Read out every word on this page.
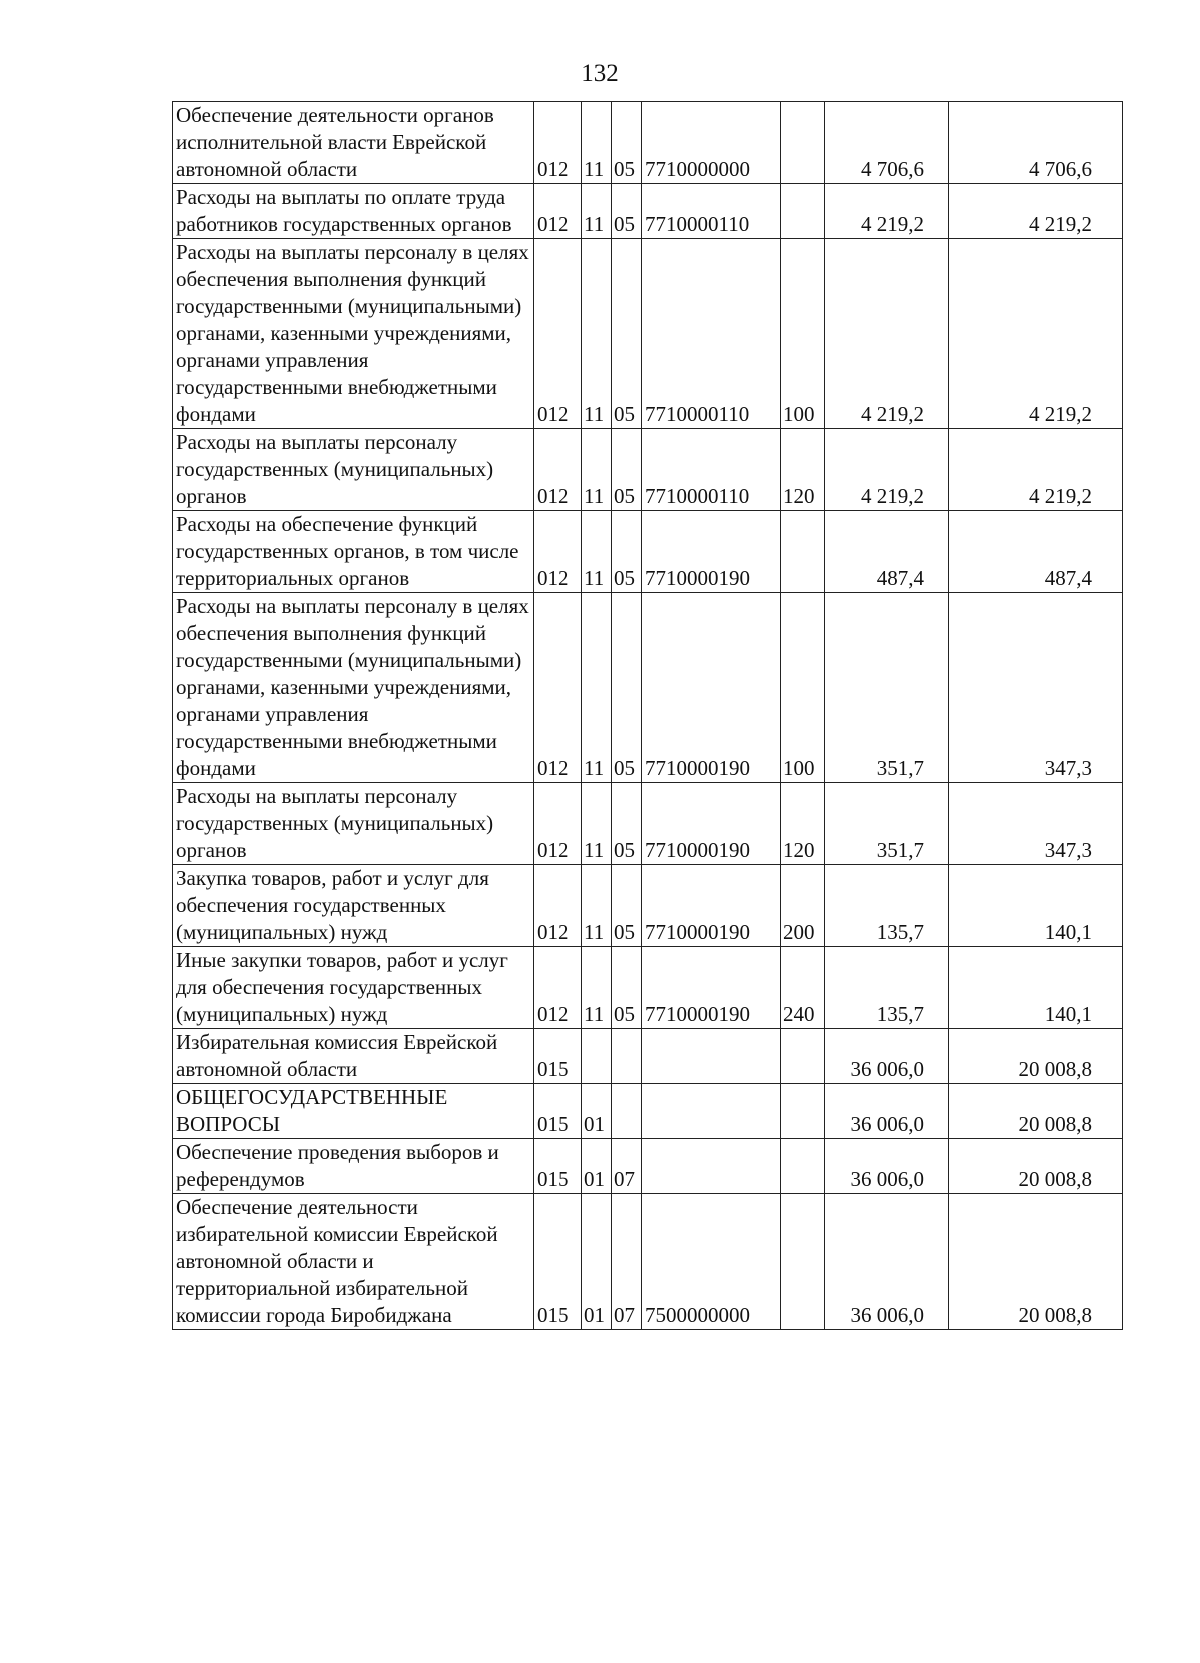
132
Обеспечение деятельности органов исполнительной власти Еврейской автономной области	012	11	05	7710000000		4 706,6	4 706,6
Расходы на выплаты по оплате труда работников государственных органов	012	11	05	7710000110		4 219,2	4 219,2
Расходы на выплаты персоналу в целях обеспечения выполнения функций государственными (муниципальными) органами, казенными учреждениями, органами управления государственными внебюджетными фондами	012	11	05	7710000110	100	4 219,2	4 219,2
Расходы на выплаты персоналу государственных (муниципальных) органов	012	11	05	7710000110	120	4 219,2	4 219,2
Расходы на обеспечение функций государственных органов, в том числе территориальных органов	012	11	05	7710000190		487,4	487,4
Расходы на выплаты персоналу в целях обеспечения выполнения функций государственными (муниципальными) органами, казенными учреждениями, органами управления государственными внебюджетными фондами	012	11	05	7710000190	100	351,7	347,3
Расходы на выплаты персоналу государственных (муниципальных) органов	012	11	05	7710000190	120	351,7	347,3
Закупка товаров, работ и услуг для обеспечения государственных (муниципальных) нужд	012	11	05	7710000190	200	135,7	140,1
Иные закупки товаров, работ и услуг для обеспечения государственных (муниципальных) нужд	012	11	05	7710000190	240	135,7	140,1
Избирательная комиссия Еврейской автономной области	015					36 006,0	20 008,8
ОБЩЕГОСУДАРСТВЕННЫЕ ВОПРОСЫ	015	01				36 006,0	20 008,8
Обеспечение проведения выборов и референдумов	015	01	07			36 006,0	20 008,8
Обеспечение деятельности избирательной комиссии Еврейской автономной области и территориальной избирательной комиссии города Биробиджана	015	01	07	7500000000		36 006,0	20 008,8
